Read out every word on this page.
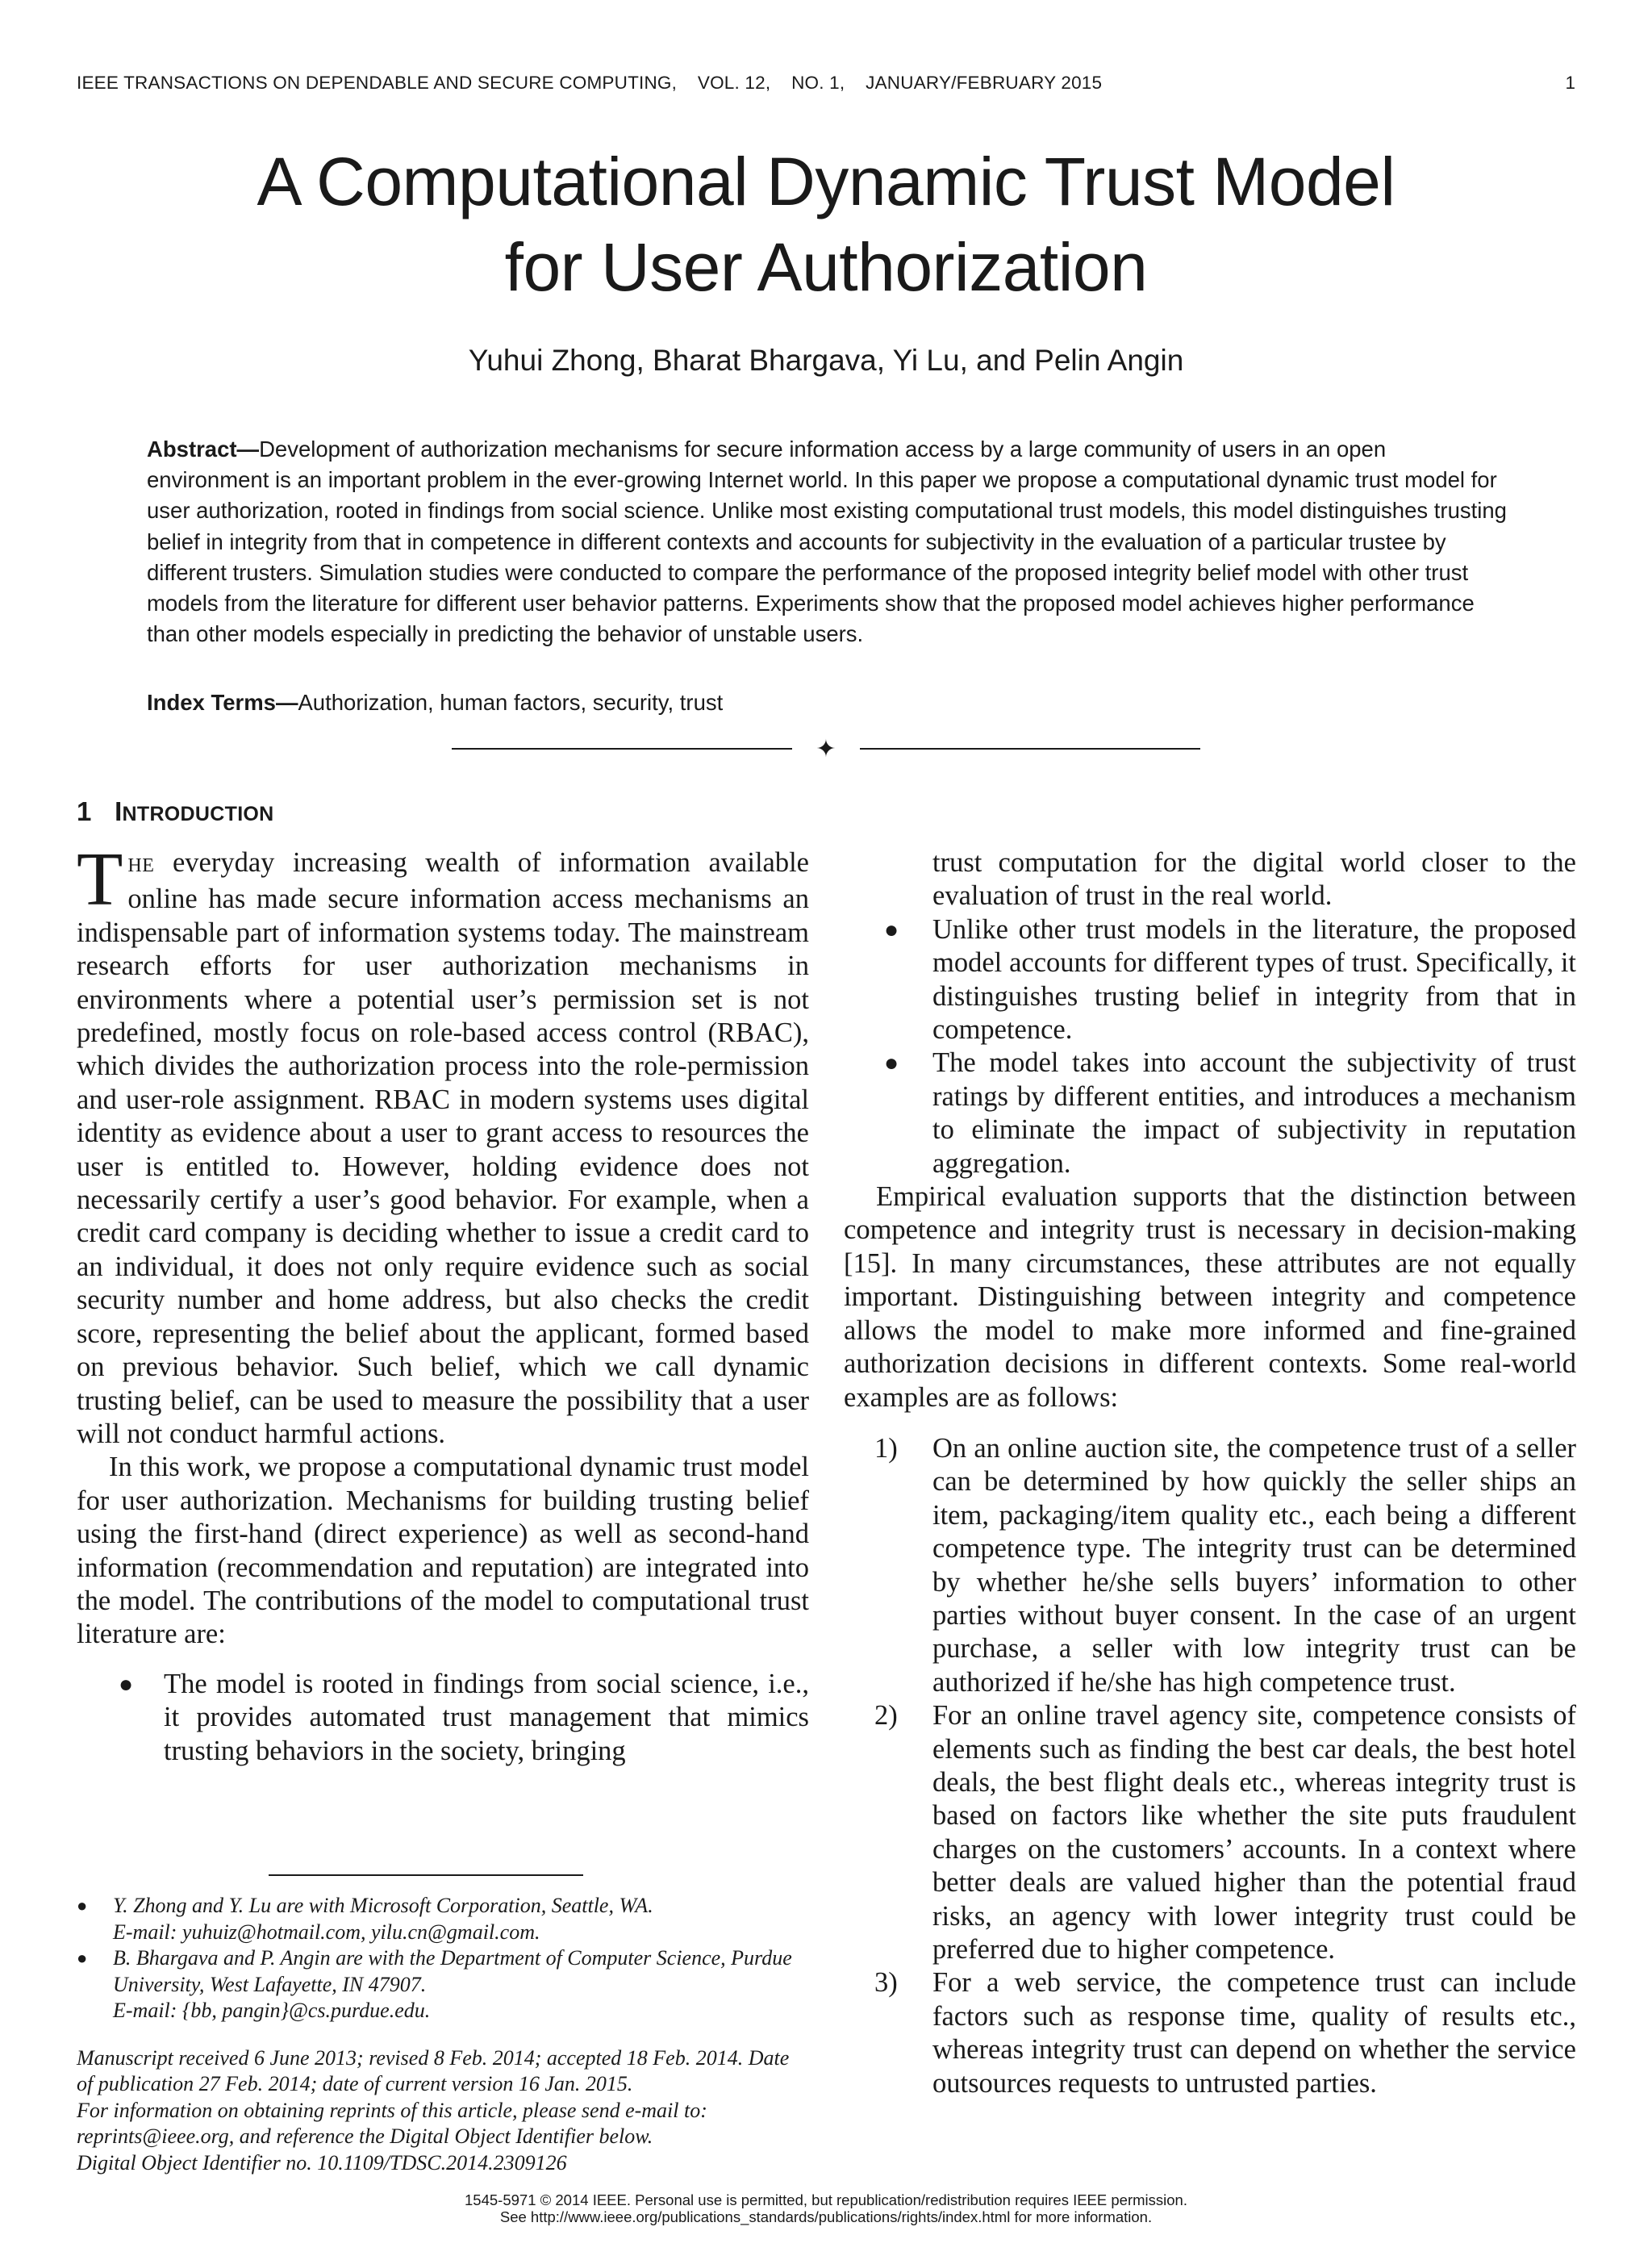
IEEE TRANSACTIONS ON DEPENDABLE AND SECURE COMPUTING, VOL. 12, NO. 1, JANUARY/FEBRUARY 2015	1
A Computational Dynamic Trust Model
for User Authorization
Yuhui Zhong, Bharat Bhargava, Yi Lu, and Pelin Angin

Abstract—Development of authorization mechanisms for secure information access by a large community of users in an open environment is an important problem in the ever-growing Internet world. In this paper we propose a computational dynamic trust model for user authorization, rooted in findings from social science. Unlike most existing computational trust models, this model distinguishes trusting belief in integrity from that in competence in different contexts and accounts for subjectivity in the evaluation of a particular trustee by different trusters. Simulation studies were conducted to compare the performance of the proposed integrity belief model with other trust models from the literature for different user behavior patterns. Experiments show that the proposed model achieves higher performance than other models especially in predicting the behavior of unstable users.

Index Terms—Authorization, human factors, security, trust

✦
1 INTRODUCTION

THE everyday increasing wealth of information available online has made secure information access mechanisms an indispensable part of information systems today. The mainstream research efforts for user authorization mechanisms in environments where a potential user’s permission set is not predefined, mostly focus on role-based access control (RBAC), which divides the authorization process into the role-permission and user-role assignment. RBAC in modern systems uses digital identity as evidence about a user to grant access to resources the user is entitled to. However, holding evidence does not necessarily certify a user’s good behavior. For example, when a credit card company is deciding whether to issue a credit card to an individual, it does not only require evidence such as social security number and home address, but also checks the credit score, representing the belief about the applicant, formed based on previous behavior. Such belief, which we call dynamic trusting belief, can be used to measure the possibility that a user will not conduct harmful actions.

In this work, we propose a computational dynamic trust model for user authorization. Mechanisms for building trusting belief using the first-hand (direct experience) as well as second-hand information (recommendation and reputation) are integrated into the model. The contributions of the model to computational trust literature are:

● The model is rooted in findings from social science, i.e., it provides automated trust management that mimics trusting behaviors in the society, bringing

trust computation for the digital world closer to the evaluation of trust in the real world.

● Unlike other trust models in the literature, the proposed model accounts for different types of trust. Specifically, it distinguishes trusting belief in integrity from that in competence.
● The model takes into account the subjectivity of trust ratings by different entities, and introduces a mechanism to eliminate the impact of subjectivity in reputation aggregation.

Empirical evaluation supports that the distinction between competence and integrity trust is necessary in decision-making [15]. In many circumstances, these attributes are not equally important. Distinguishing between integrity and competence allows the model to make more informed and fine-grained authorization decisions in different contexts. Some real-world examples are as follows:

1) On an online auction site, the competence trust of a seller can be determined by how quickly the seller ships an item, packaging/item quality etc., each being a different competence type. The integrity trust can be determined by whether he/she sells buyers’ information to other parties without buyer consent. In the case of an urgent purchase, a seller with low integrity trust can be authorized if he/she has high competence trust.
2) For an online travel agency site, competence consists of elements such as finding the best car deals, the best hotel deals, the best flight deals etc., whereas integrity trust is based on factors like whether the site puts fraudulent charges on the customers’ accounts. In a context where better deals are valued higher than the potential fraud risks, an agency with lower integrity trust could be preferred due to higher competence.
3) For a web service, the competence trust can include factors such as response time, quality of results etc., whereas integrity trust can depend on whether the service outsources requests to untrusted parties.

● Y. Zhong and Y. Lu are with Microsoft Corporation, Seattle, WA.
E-mail: yuhuiz@hotmail.com, yilu.cn@gmail.com.

● B. Bhargava and P. Angin are with the Department of Computer Science, Purdue University, West Lafayette, IN 47907.
E-mail: {bb, pangin}@cs.purdue.edu.

Manuscript received 6 June 2013; revised 8 Feb. 2014; accepted 18 Feb. 2014. Date of publication 27 Feb. 2014; date of current version 16 Jan. 2015.

For information on obtaining reprints of this article, please send e-mail to: reprints@ieee.org, and reference the Digital Object Identifier below.

Digital Object Identifier no. 10.1109/TDSC.2014.2309126

1545-5971 © 2014 IEEE. Personal use is permitted, but republication/redistribution requires IEEE permission.

See http://www.ieee.org/publications_standards/publications/rights/index.html for more information.
